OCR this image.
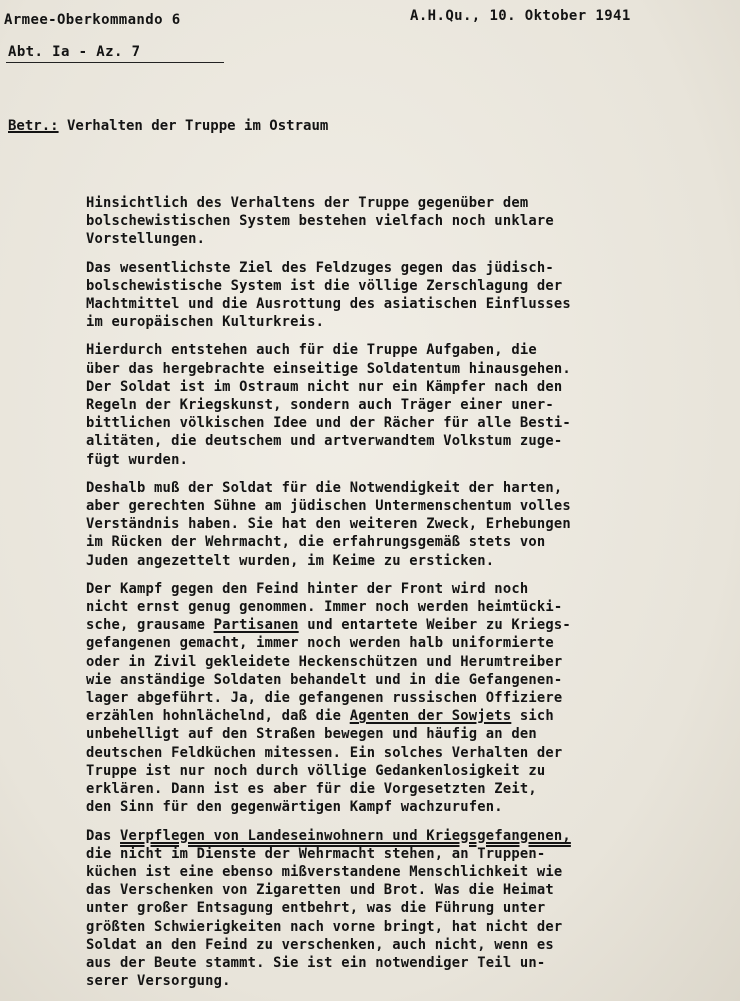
Armee-Oberkommando 6
Abt. Ia - Az. 7
A.H.Qu., 10. Oktober 1941
Betr.: Verhalten der Truppe im Ostraum
Hinsichtlich des Verhaltens der Truppe gegenüber dem
bolschewistischen System bestehen vielfach noch unklare
Vorstellungen.
Das wesentlichste Ziel des Feldzuges gegen das jüdisch-
bolschewistische System ist die völlige Zerschlagung der
Machtmittel und die Ausrottung des asiatischen Einflusses
im europäischen Kulturkreis.
Hierdurch entstehen auch für die Truppe Aufgaben, die
über das hergebrachte einseitige Soldatentum hinausgehen.
Der Soldat ist im Ostraum nicht nur ein Kämpfer nach den
Regeln der Kriegskunst, sondern auch Träger einer uner-
bittlichen völkischen Idee und der Rächer für alle Besti-
alitäten, die deutschem und artverwandtem Volkstum zuge-
fügt wurden.
Deshalb muß der Soldat für die Notwendigkeit der harten,
aber gerechten Sühne am jüdischen Untermenschentum volles
Verständnis haben. Sie hat den weiteren Zweck, Erhebungen
im Rücken der Wehrmacht, die erfahrungsgemäß stets von
Juden angezettelt wurden, im Keime zu ersticken.
Der Kampf gegen den Feind hinter der Front wird noch
nicht ernst genug genommen. Immer noch werden heimtücki-
sche, grausame Partisanen und entartete Weiber zu Kriegs-
gefangenen gemacht, immer noch werden halb uniformierte
oder in Zivil gekleidete Heckenschützen und Herumtreiber
wie anständige Soldaten behandelt und in die Gefangenen-
lager abgeführt. Ja, die gefangenen russischen Offiziere
erzählen hohnlächelnd, daß die Agenten der Sowjets sich
unbehelligt auf den Straßen bewegen und häufig an den
deutschen Feldküchen mitessen. Ein solches Verhalten der
Truppe ist nur noch durch völlige Gedankenlosigkeit zu
erklären. Dann ist es aber für die Vorgesetzten Zeit,
den Sinn für den gegenwärtigen Kampf wachzurufen.
Das Verpflegen von Landeseinwohnern und Kriegsgefangenen,
die nicht im Dienste der Wehrmacht stehen, an Truppen-
küchen ist eine ebenso mißverstandene Menschlichkeit wie
das Verschenken von Zigaretten und Brot. Was die Heimat
unter großer Entsagung entbehrt, was die Führung unter
größten Schwierigkeiten nach vorne bringt, hat nicht der
Soldat an den Feind zu verschenken, auch nicht, wenn es
aus der Beute stammt. Sie ist ein notwendiger Teil un-
serer Versorgung.
